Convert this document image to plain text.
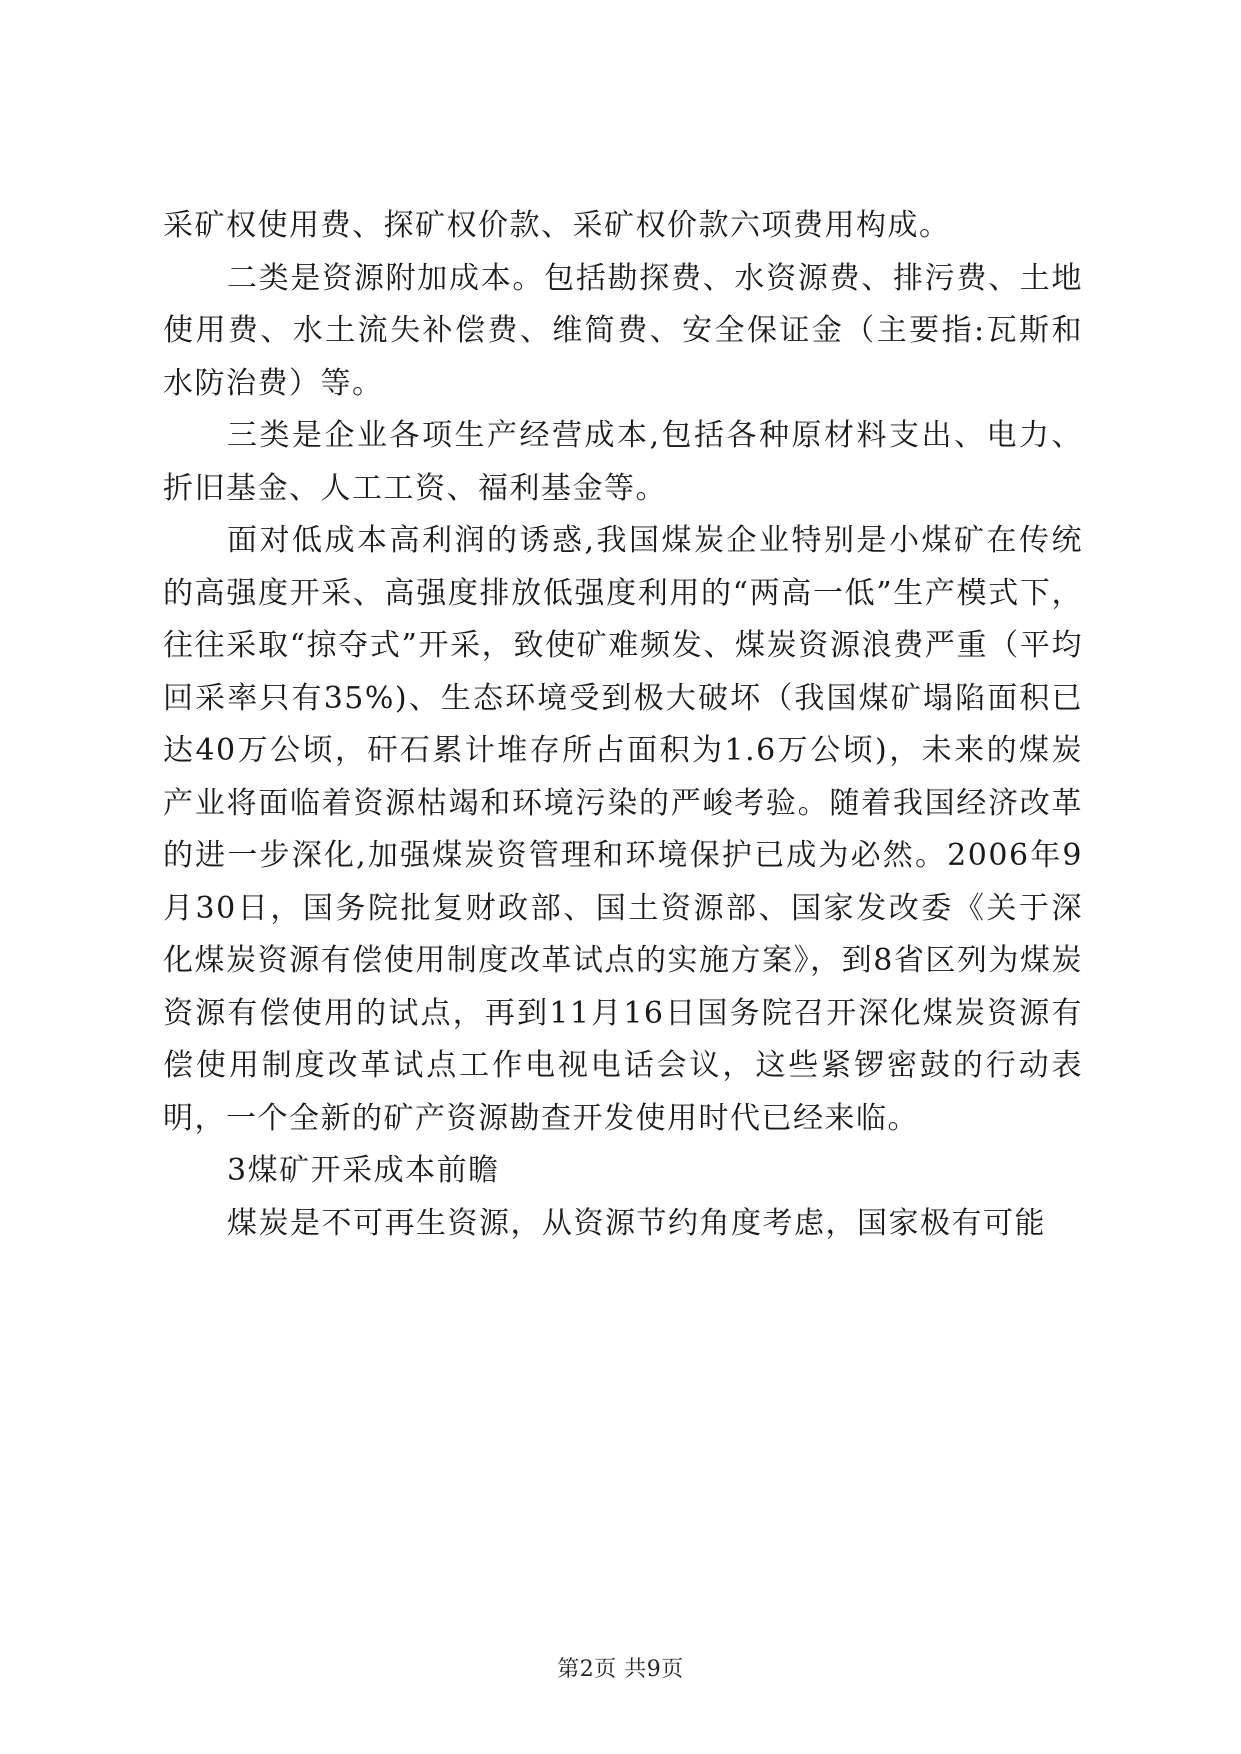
采矿权使用费、探矿权价款、采矿权价款六项费用构成。

二类是资源附加成本。包括勘探费、水资源费、排污费、土地使用费、水土流失补偿费、维简费、安全保证金（主要指:瓦斯和水防治费）等。

三类是企业各项生产经营成本,包括各种原材料支出、电力、折旧基金、人工工资、福利基金等。

面对低成本高利润的诱惑,我国煤炭企业特别是小煤矿在传统的高强度开采、高强度排放低强度利用的“两高一低”生产模式下，往往采取“掠夺式”开采，致使矿难频发、煤炭资源浪费严重（平均回采率只有35%)、生态环境受到极大破坏（我国煤矿塌陷面积已达40万公顷，矸石累计堆存所占面积为1.6万公顷)，未来的煤炭产业将面临着资源枯竭和环境污染的严峻考验。随着我国经济改革的进一步深化,加强煤炭资管理和环境保护已成为必然。2006年9月30日，国务院批复财政部、国土资源部、国家发改委《关于深化煤炭资源有偿使用制度改革试点的实施方案》，到8省区列为煤炭资源有偿使用的试点，再到11月16日国务院召开深化煤炭资源有偿使用制度改革试点工作电视电话会议，这些紧锣密鼓的行动表明，一个全新的矿产资源勘查开发使用时代已经来临。

3煤矿开采成本前瞻

煤炭是不可再生资源，从资源节约角度考虑，国家极有可能

第2页 共9页
